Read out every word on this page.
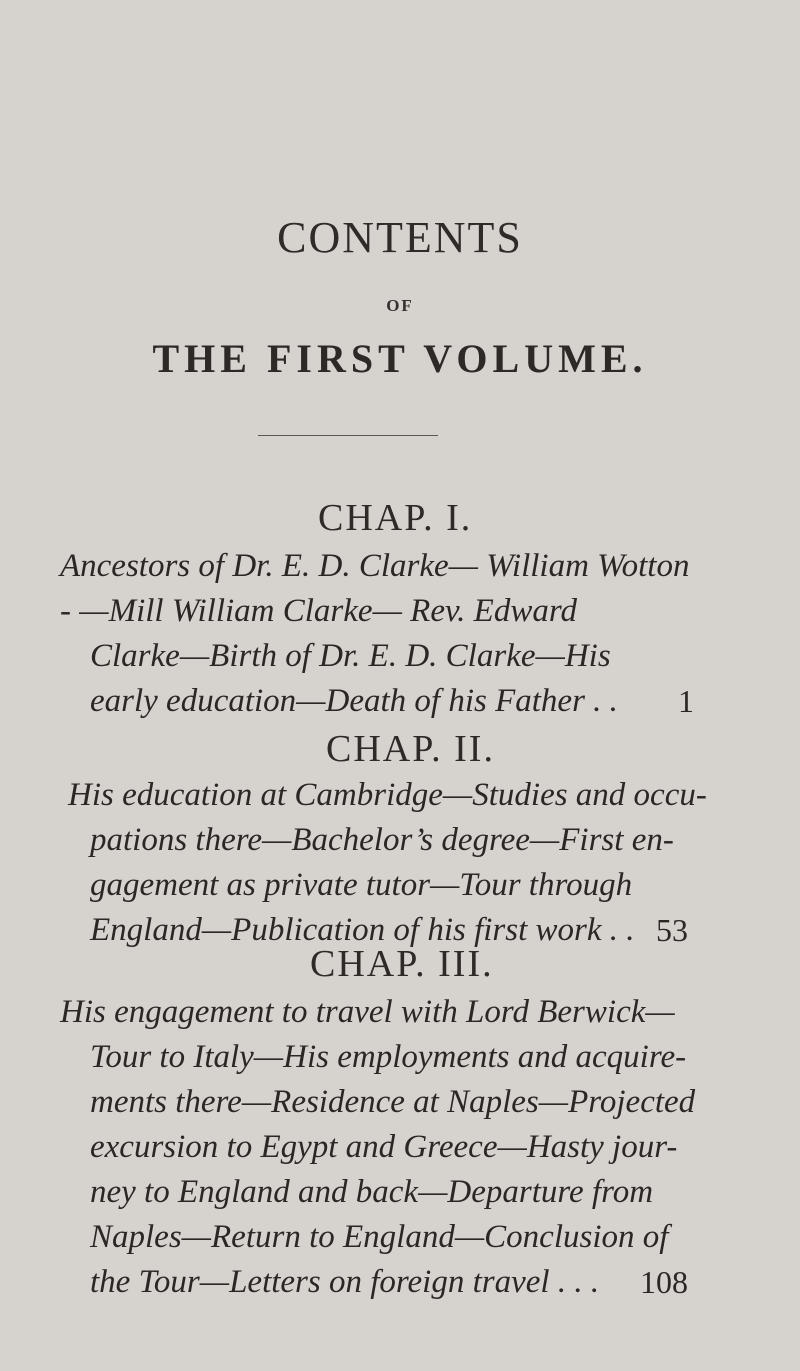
CONTENTS
OF
THE FIRST VOLUME.
CHAP. I.
Ancestors of Dr. E. D. Clarke— William Wotton
- —Mill William Clarke— Rev. Edward
Clarke—Birth of Dr. E. D. Clarke—His
early education—Death of his Father . . 1
CHAP. II.
His education at Cambridge—Studies and occu-
pations there—Bachelor’s degree—First en-
gagement as private tutor—Tour through
England—Publication of his first work . . 53
CHAP. III.
His engagement to travel with Lord Berwick—
Tour to Italy—His employments and acquire-
ments there—Residence at Naples—Projected
excursion to Egypt and Greece—Hasty jour-
ney to England and back—Departure from
Naples—Return to England—Conclusion of
the Tour—Letters on foreign travel . . . 108
